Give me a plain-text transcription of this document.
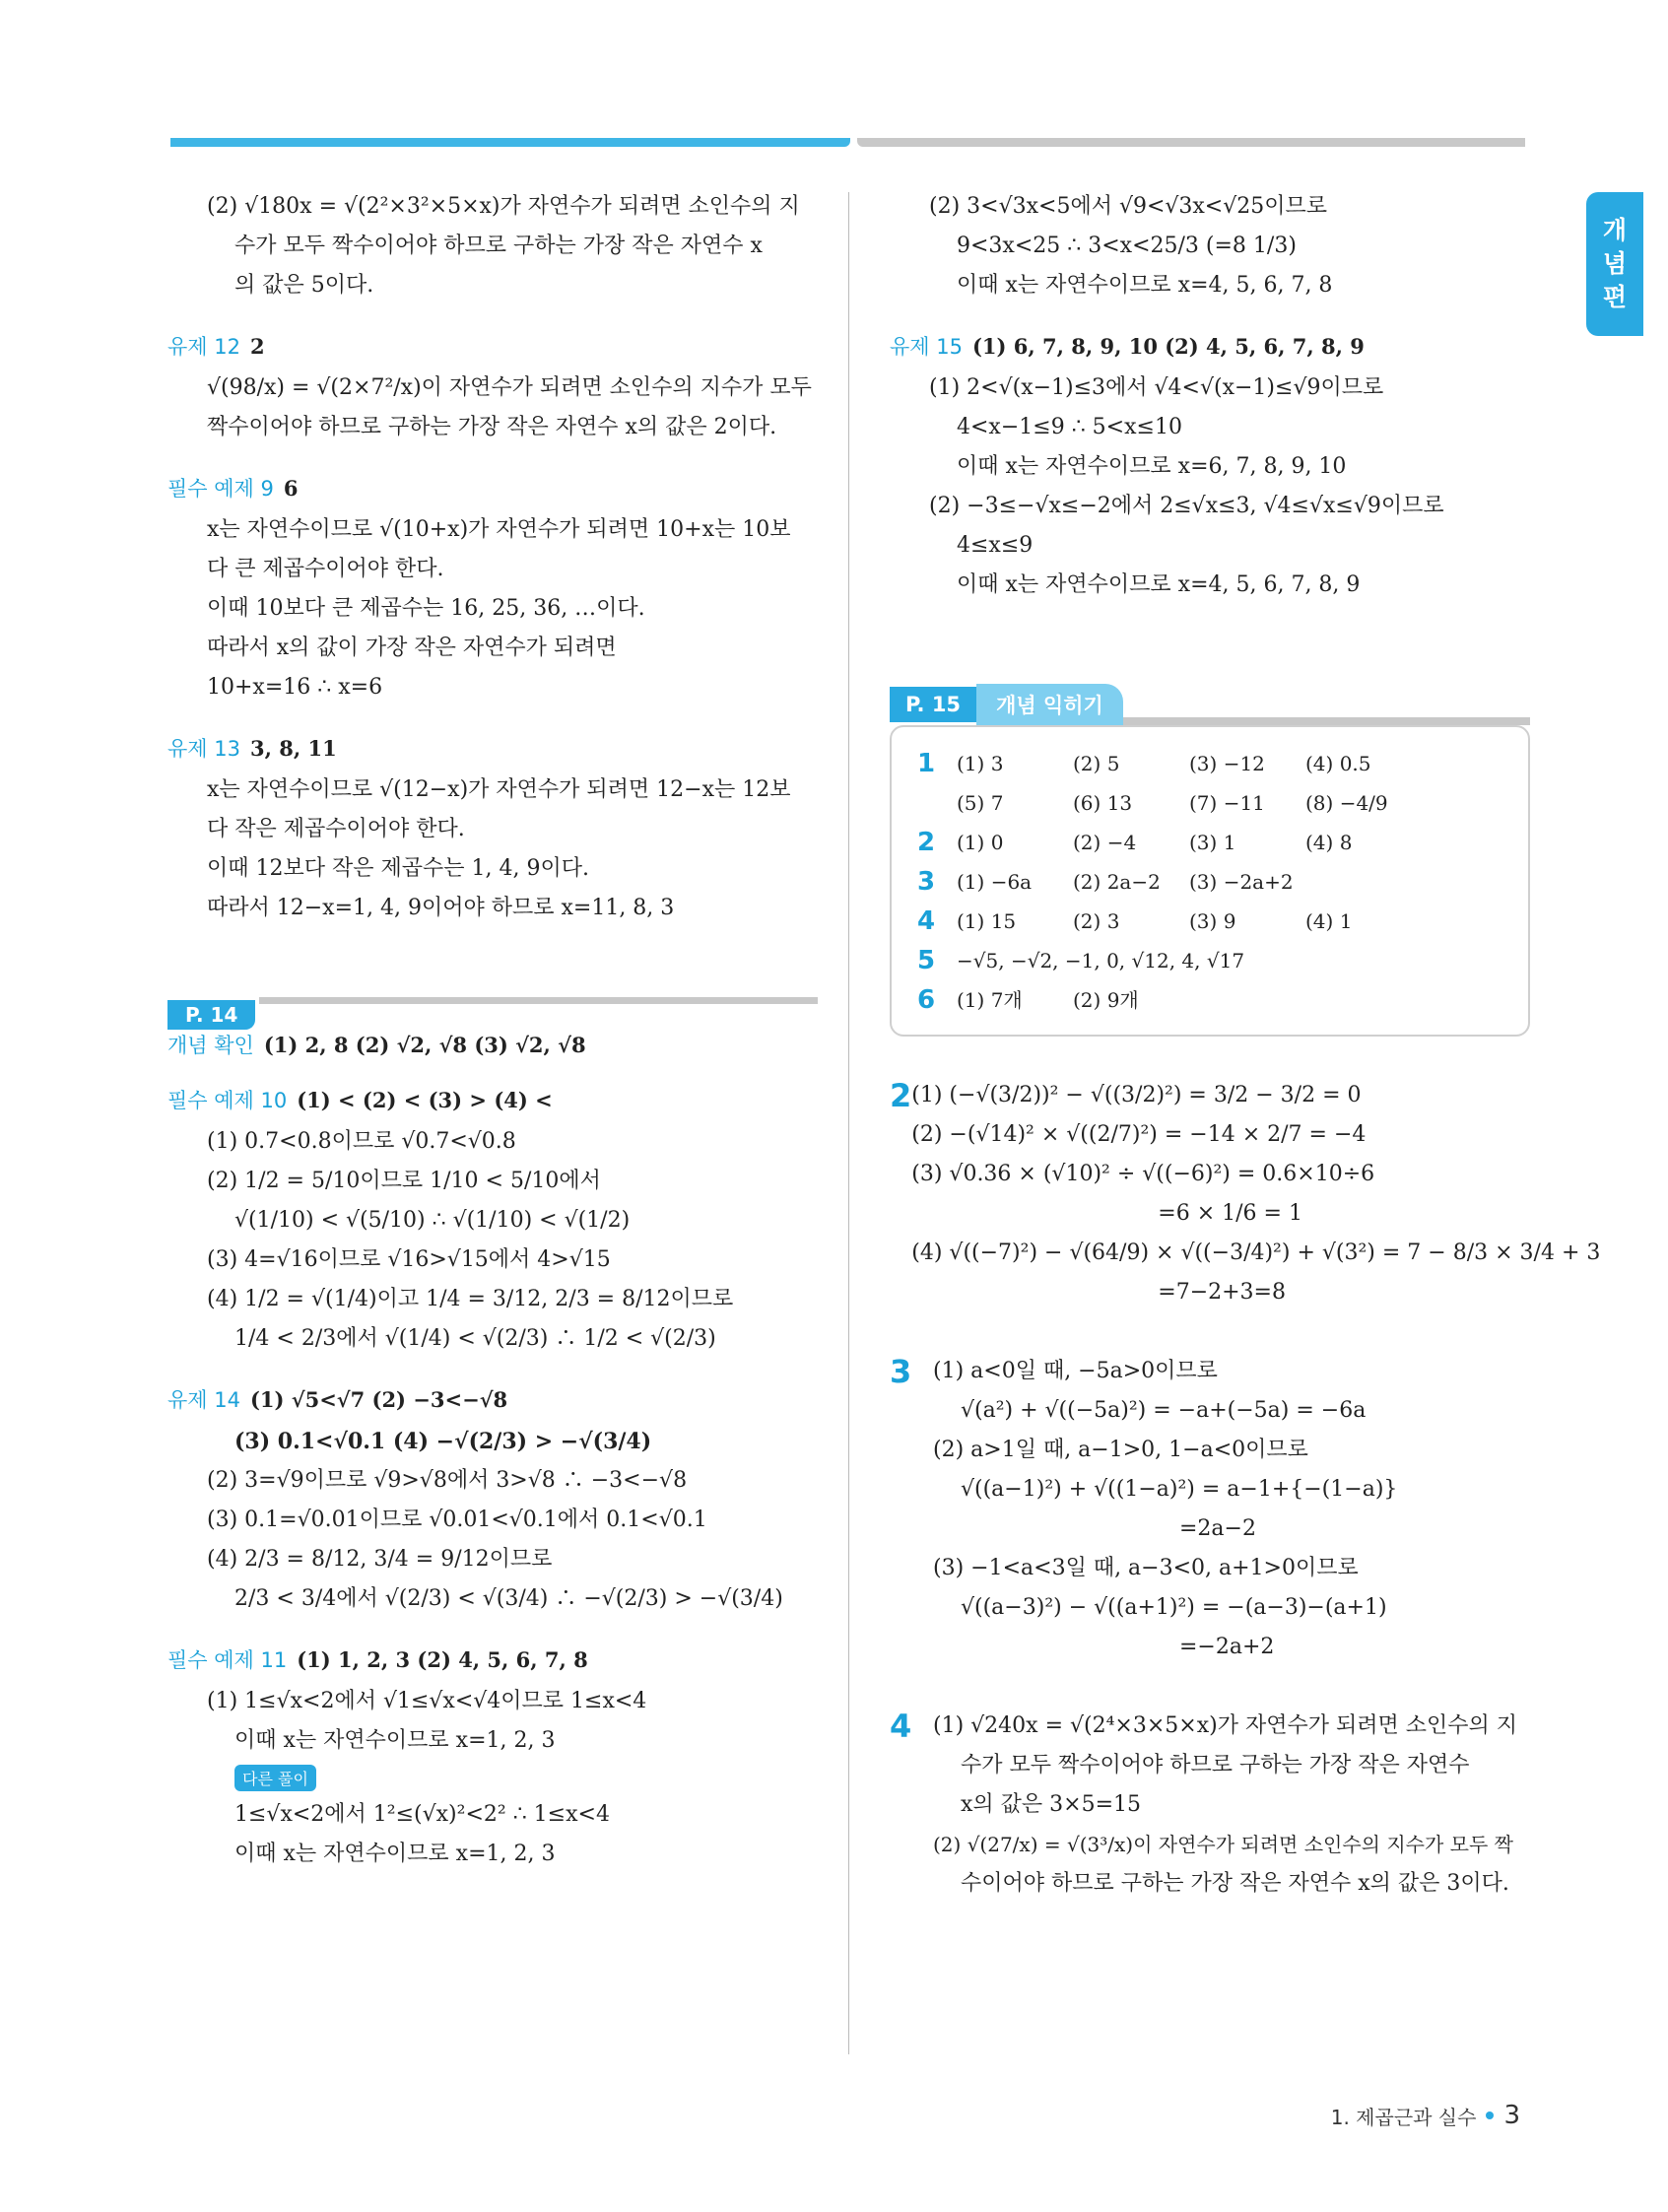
개
념
편
(2) √180x = √(2²×3²×5×x)가 자연수가 되려면 소인수의 지
수가 모두 짝수이어야 하므로 구하는 가장 작은 자연수 x
의 값은 5이다.
유제 12 2
√(98/x) = √(2×7²/x)이 자연수가 되려면 소인수의 지수가 모두
짝수이어야 하므로 구하는 가장 작은 자연수 x의 값은 2이다.
필수 예제 9 6
x는 자연수이므로 √(10+x)가 자연수가 되려면 10+x는 10보
다 큰 제곱수이어야 한다.
이때 10보다 큰 제곱수는 16, 25, 36, …이다.
따라서 x의 값이 가장 작은 자연수가 되려면
10+x=16 ∴ x=6
유제 13 3, 8, 11
x는 자연수이므로 √(12−x)가 자연수가 되려면 12−x는 12보
다 작은 제곱수이어야 한다.
이때 12보다 작은 제곱수는 1, 4, 9이다.
따라서 12−x=1, 4, 9이어야 하므로 x=11, 8, 3
P. 14
개념 확인 (1) 2, 8 (2) √2, √8 (3) √2, √8
필수 예제 10 (1) < (2) < (3) > (4) <
(1) 0.7<0.8이므로 √0.7<√0.8
(2) 1/2 = 5/10이므로 1/10 < 5/10에서
√(1/10) < √(5/10) ∴ √(1/10) < √(1/2)
(3) 4=√16이므로 √16>√15에서 4>√15
(4) 1/2 = √(1/4)이고 1/4 = 3/12, 2/3 = 8/12이므로
1/4 < 2/3에서 √(1/4) < √(2/3) ∴ 1/2 < √(2/3)
유제 14 (1) √5<√7 (2) −3<−√8
(3) 0.1<√0.1 (4) −√(2/3) > −√(3/4)
(2) 3=√9이므로 √9>√8에서 3>√8 ∴ −3<−√8
(3) 0.1=√0.01이므로 √0.01<√0.1에서 0.1<√0.1
(4) 2/3 = 8/12, 3/4 = 9/12이므로
2/3 < 3/4에서 √(2/3) < √(3/4) ∴ −√(2/3) > −√(3/4)
필수 예제 11 (1) 1, 2, 3 (2) 4, 5, 6, 7, 8
(1) 1≤√x<2에서 √1≤√x<√4이므로 1≤x<4
이때 x는 자연수이므로 x=1, 2, 3
다른 풀이
1≤√x<2에서 1²≤(√x)²<2² ∴ 1≤x<4
이때 x는 자연수이므로 x=1, 2, 3
(2) 3<√3x<5에서 √9<√3x<√25이므로
9<3x<25 ∴ 3<x<25/3 (=8 1/3)
이때 x는 자연수이므로 x=4, 5, 6, 7, 8
유제 15 (1) 6, 7, 8, 9, 10 (2) 4, 5, 6, 7, 8, 9
(1) 2<√(x−1)≤3에서 √4<√(x−1)≤√9이므로
4<x−1≤9 ∴ 5<x≤10
이때 x는 자연수이므로 x=6, 7, 8, 9, 10
(2) −3≤−√x≤−2에서 2≤√x≤3, √4≤√x≤√9이므로
4≤x≤9
이때 x는 자연수이므로 x=4, 5, 6, 7, 8, 9
P. 15	개념 익히기
1	(1) 3	(2) 5	(3) −12	(4) 0.5
(5) 7	(6) 13	(7) −11	(8) −4/9
2	(1) 0	(2) −4	(3) 1	(4) 8
3	(1) −6a	(2) 2a−2	(3) −2a+2
4	(1) 15	(2) 3	(3) 9	(4) 1
5	−√5, −√2, −1, 0, √12, 4, √17
6	(1) 7개	(2) 9개
2 (1) (−√(3/2))² − √((3/2)²) = 3/2 − 3/2 = 0
(2) −(√14)² × √((2/7)²) = −14 × 2/7 = −4
(3) √0.36 × (√10)² ÷ √((−6)²) = 0.6×10÷6
=6 × 1/6 = 1
(4) √((−7)²) − √(64/9) × √((−3/4)²) + √(3²) = 7 − 8/3 × 3/4 + 3
=7−2+3=8
3 (1) a<0일 때, −5a>0이므로
√(a²) + √((−5a)²) = −a+(−5a) = −6a
(2) a>1일 때, a−1>0, 1−a<0이므로
√((a−1)²) + √((1−a)²) = a−1+{−(1−a)}
=2a−2
(3) −1<a<3일 때, a−3<0, a+1>0이므로
√((a−3)²) − √((a+1)²) = −(a−3)−(a+1)
=−2a+2
4 (1) √240x = √(2⁴×3×5×x)가 자연수가 되려면 소인수의 지
수가 모두 짝수이어야 하므로 구하는 가장 작은 자연수
x의 값은 3×5=15
(2) √(27/x) = √(3³/x)이 자연수가 되려면 소인수의 지수가 모두 짝
수이어야 하므로 구하는 가장 작은 자연수 x의 값은 3이다.
1. 제곱근과 실수 3
